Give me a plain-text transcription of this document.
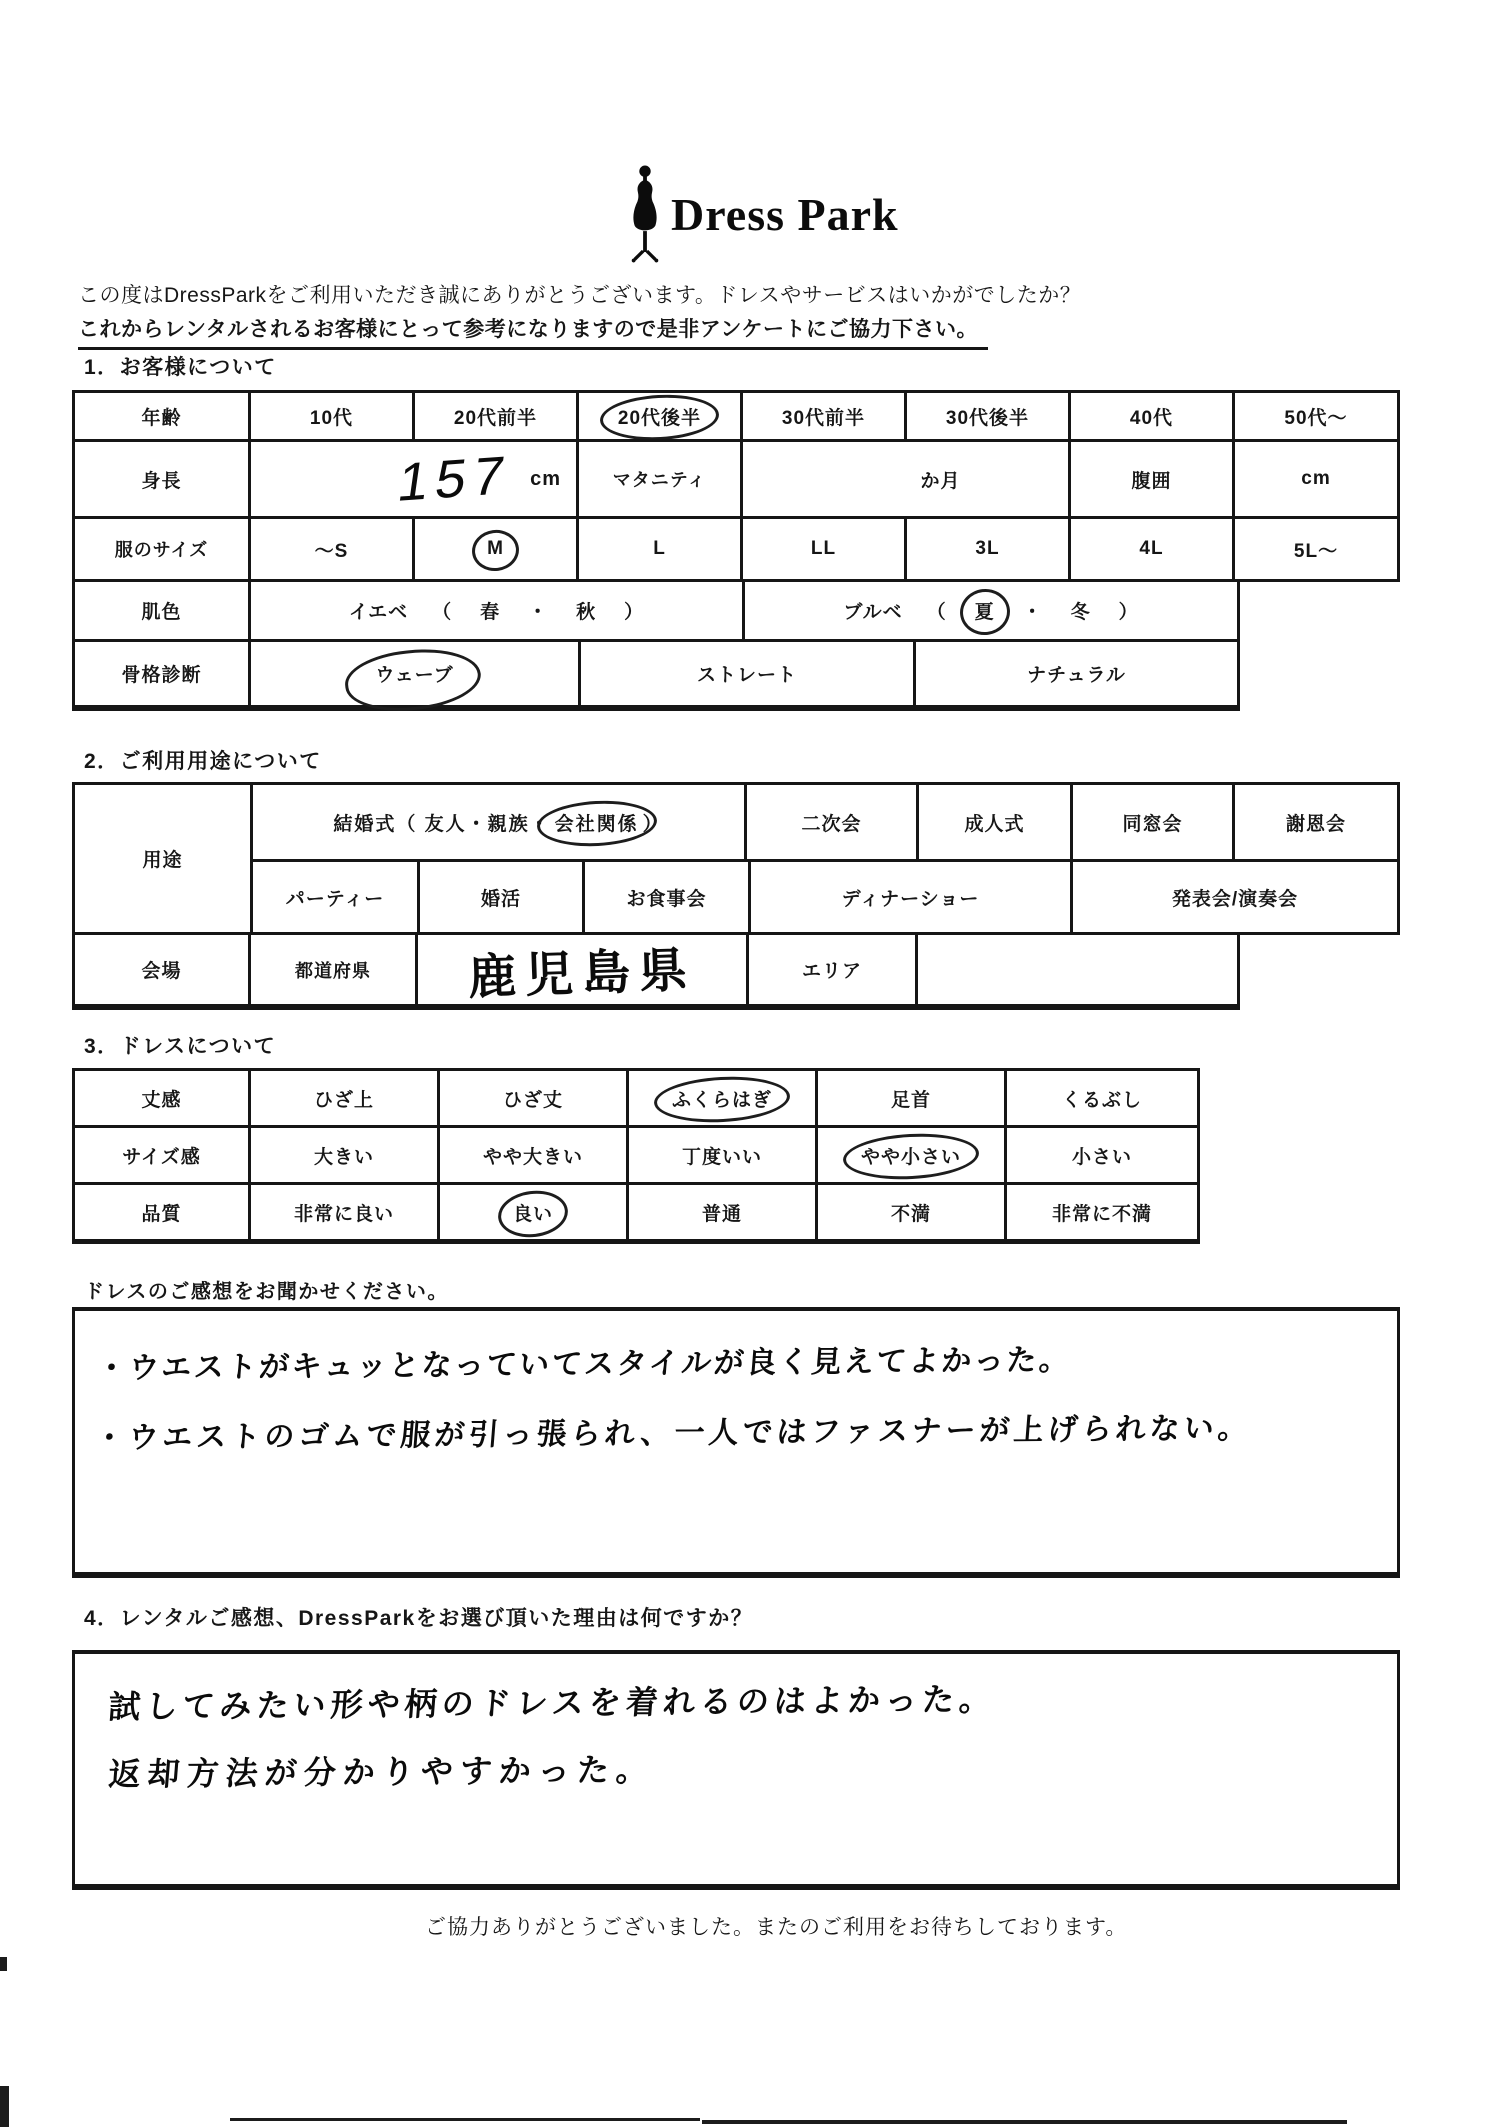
Dress Park

この度はDressParkをご利用いただき誠にありがとうございます。ドレスやサービスはいかがでしたか？

これからレンタルされるお客様にとって参考になりますので是非アンケートにご協力下さい。

1．お客様について
年齢	10代	20代前半	20代後半	30代前半	30代後半	40代	50代～
身長	157 cm	マタニティ	か月	腹囲	cm
服のサイズ	～S	M	L	LL	3L	4L	5L～
肌色	イエベ （ 春 ・ 秋 ）	ブルベ （ 夏 ・ 冬 ）
骨格診断	ウェーブ	ストレート	ナチュラル
2．ご利用用途について
用途
結婚式（ 友人・親族・ 会社関係 ）	二次会	成人式	同窓会	謝恩会
パーティー	婚活	お食事会	ディナーショー	発表会/演奏会
会場	都道府県	鹿児島県	エリア
3．ドレスについて
丈感	ひざ上	ひざ丈	ふくらはぎ	足首	くるぶし
サイズ感	大きい	やや大きい	丁度いい	やや小さい	小さい
品質	非常に良い	良い	普通	不満	非常に不満

ドレスのご感想をお聞かせください。

・ウエストがキュッとなっていてスタイルが良く見えてよかった。
・ウエストのゴムで服が引っ張られ、一人ではファスナーが上げられない。
4．レンタルご感想、DressParkをお選び頂いた理由は何ですか？
試してみたい形や柄のドレスを着れるのはよかった。
返却方法が分かりやすかった。

ご協力ありがとうございました。またのご利用をお待ちしております。
